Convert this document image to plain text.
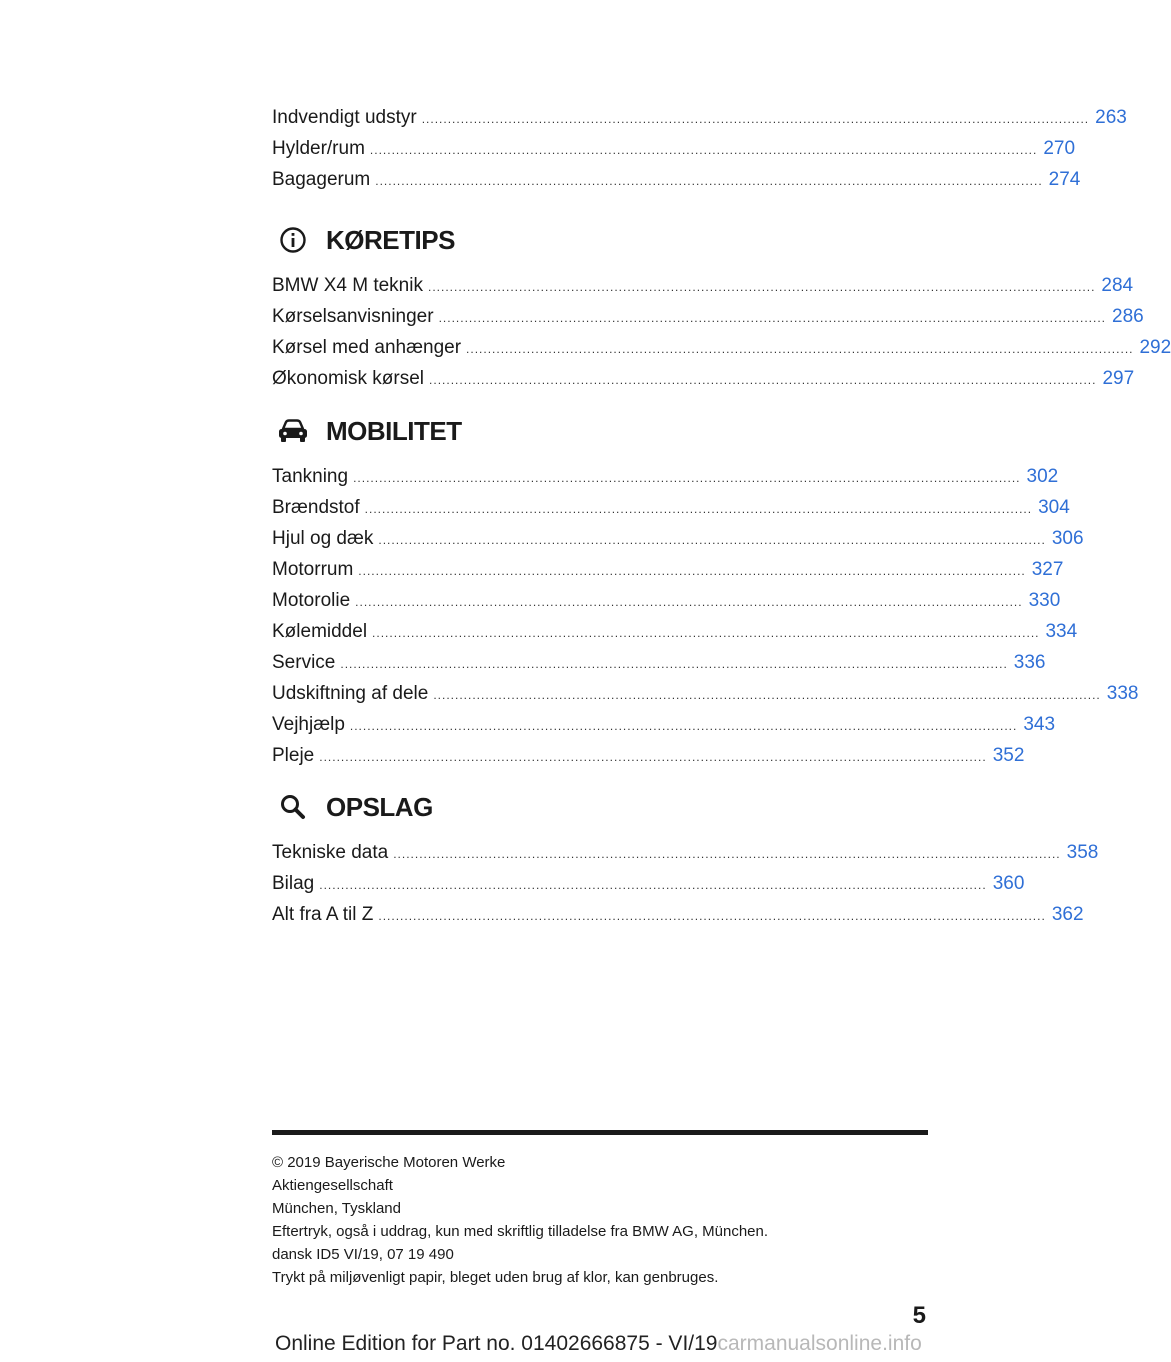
Indvendigt udstyr .......................................................................................................................................................... 263
Hylder/rum .......................................................................................................................................................... 270
Bagagerum .......................................................................................................................................................... 274
KØRETIPS
BMW X4 M teknik .......................................................................................................................................................... 284
Kørselsanvisninger .......................................................................................................................................................... 286
Kørsel med anhænger .......................................................................................................................................................... 292
Økonomisk kørsel .......................................................................................................................................................... 297
MOBILITET
Tankning .......................................................................................................................................................... 302
Brændstof .......................................................................................................................................................... 304
Hjul og dæk .......................................................................................................................................................... 306
Motorrum .......................................................................................................................................................... 327
Motorolie .......................................................................................................................................................... 330
Kølemiddel .......................................................................................................................................................... 334
Service .......................................................................................................................................................... 336
Udskiftning af dele .......................................................................................................................................................... 338
Vejhjælp .......................................................................................................................................................... 343
Pleje .......................................................................................................................................................... 352
OPSLAG
Tekniske data .......................................................................................................................................................... 358
Bilag .......................................................................................................................................................... 360
Alt fra A til Z .......................................................................................................................................................... 362
© 2019 Bayerische Motoren Werke
Aktiengesellschaft
München, Tyskland
Eftertryk, også i uddrag, kun med skriftlig tilladelse fra BMW AG, München.
dansk ID5 VI/19, 07 19 490
Trykt på miljøvenligt papir, bleget uden brug af klor, kan genbruges.
5
Online Edition for Part no. 01402666875 - VI/19carmanualsonline.info
